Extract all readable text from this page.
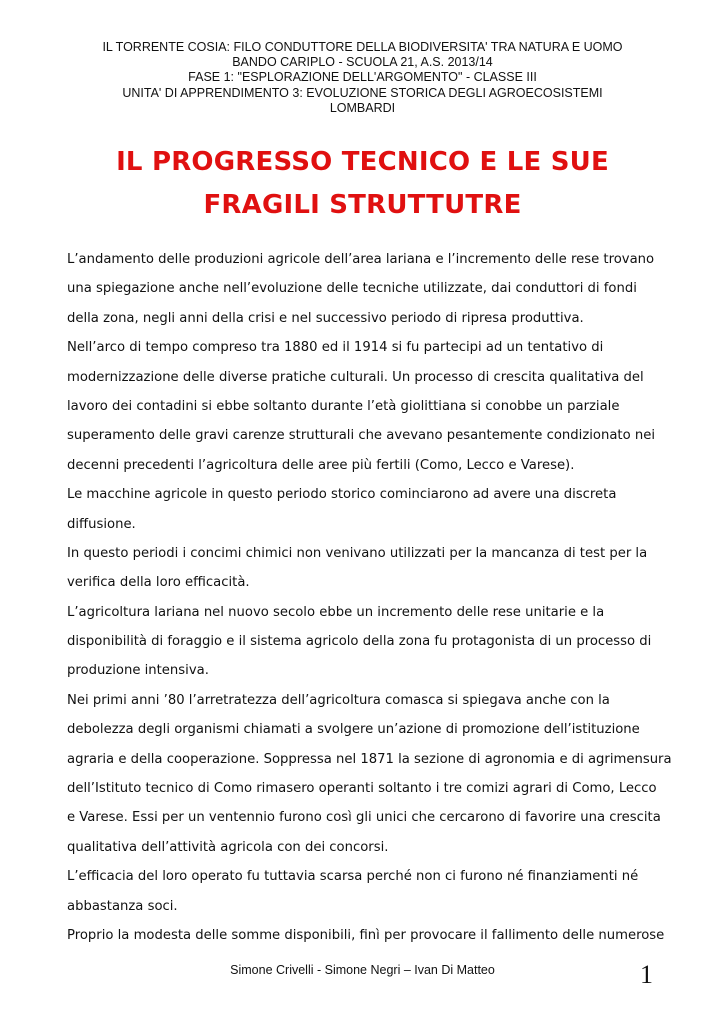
IL TORRENTE COSIA: FILO CONDUTTORE DELLA BIODIVERSITA' TRA NATURA E UOMO
BANDO CARIPLO - SCUOLA 21, A.S. 2013/14
FASE 1: "ESPLORAZIONE DELL'ARGOMENTO" - CLASSE III
UNITA' DI APPRENDIMENTO 3: EVOLUZIONE STORICA DEGLI AGROECOSISTEMI
LOMBARDI
IL PROGRESSO TECNICO E LE SUE
FRAGILI STRUTTUTRE
L’andamento delle produzioni agricole dell’area lariana e l’incremento delle rese trovano
una spiegazione anche nell’evoluzione delle tecniche utilizzate, dai conduttori di fondi
della zona, negli anni della crisi e nel successivo periodo di ripresa produttiva.
Nell’arco di tempo compreso tra 1880 ed il 1914 si fu partecipi ad un tentativo di
modernizzazione delle diverse pratiche culturali. Un processo di crescita qualitativa del
lavoro dei contadini si ebbe soltanto durante l’età giolittiana si conobbe un parziale
superamento delle gravi carenze strutturali che avevano pesantemente condizionato nei
decenni precedenti l’agricoltura delle aree più fertili (Como, Lecco e Varese).
Le macchine agricole in questo periodo storico cominciarono ad avere una discreta
diffusione.
In questo periodi i concimi chimici non venivano utilizzati per la mancanza di test per la
verifica della loro efficacità.
L’agricoltura lariana nel nuovo secolo ebbe un incremento delle rese unitarie e la
disponibilità di foraggio e il sistema agricolo della zona fu protagonista di un processo di
produzione intensiva.
Nei primi anni ’80 l’arretratezza dell’agricoltura comasca si spiegava anche con la
debolezza degli organismi chiamati a svolgere un’azione di promozione dell’istituzione
agraria e della cooperazione. Soppressa nel 1871 la sezione di agronomia e di agrimensura
dell’Istituto tecnico di Como rimasero operanti soltanto i tre comizi agrari di Como, Lecco
e Varese. Essi per un ventennio furono così gli unici che cercarono di favorire una crescita
qualitativa dell’attività agricola con dei concorsi.
L’efficacia del loro operato fu tuttavia scarsa perché non ci furono né finanziamenti né
abbastanza soci.
Proprio la modesta delle somme disponibili, finì per provocare il fallimento delle numerose
Simone Crivelli - Simone Negri – Ivan Di Matteo	1
